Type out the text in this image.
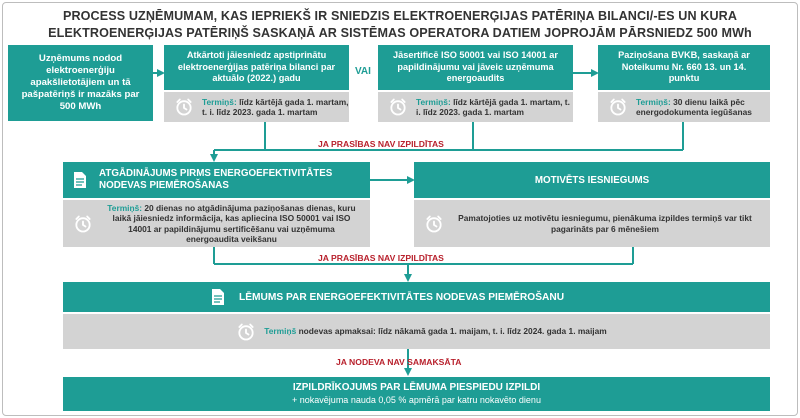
PROCESS UZŅĒMUMAM, KAS IEPRIEKŠ IR SNIEDZIS ELEKTROENERĢIJAS PATĒRIŅA BILANCI/-ES UN KURA ELEKTROENERĢIJAS PATĒRIŅŠ SASKAŅĀ AR SISTĒMAS OPERATORA DATIEM JOPROJĀM PĀRSNIEDZ 500 MWh
Uzņēmums nodod elektroenerģiju apakšlietotājiem un tā pašpatēriņš ir mazāks par 500 MWh
Atkārtoti jāiesniedz apstiprinātu elektroenerģijas patēriņa bilanci par aktuālo (2022.) gadu
Termiņš: līdz kārtējā gada 1. martam, t. i. līdz 2023. gada 1. martam
VAI
Jāsertificē ISO 50001 vai ISO 14001 ar papildinājumu vai jāveic uzņēmuma energoaudits
Termiņš: līdz kārtējā gada 1. martam, t. i. līdz 2023. gada 1. martam
Paziņošana BVKB, saskaņā ar Noteikumu Nr. 660 13. un 14. punktu
Termiņš: 30 dienu laikā pēc energodokumenta iegūšanas
JA PRASĪBAS NAV IZPILDĪTAS
ATGĀDINĀJUMS PIRMS ENERGOEFEKTIVITĀTES NODEVAS PIEMĒROŠANAS
Termiņš: 20 dienas no atgādinājuma paziņošanas dienas, kuru laikā jāiesniedz informācija, kas apliecina ISO 50001 vai ISO 14001 ar papildinājumu sertificēšanu vai uzņēmuma energoaudita veikšanu
MOTIVĒTS IESNIEGUMS
Pamatojoties uz motivētu iesniegumu, pienākuma izpildes termiņš var tikt pagarināts par 6 mēnešiem
JA PRASĪBAS NAV IZPILDĪTAS
LĒMUMS PAR ENERGOEFEKTIVITĀTES NODEVAS PIEMĒROŠANU
Termiņš nodevas apmaksai: līdz nākamā gada 1. maijam, t. i. līdz 2024. gada 1. maijam
JA NODEVA NAV SAMAKSĀTA
IZPILDRĪKOJUMS PAR LĒMUMA PIESPIEDU IZPILDI
+ nokavējuma nauda 0,05 % apmērā par katru nokavēto dienu
